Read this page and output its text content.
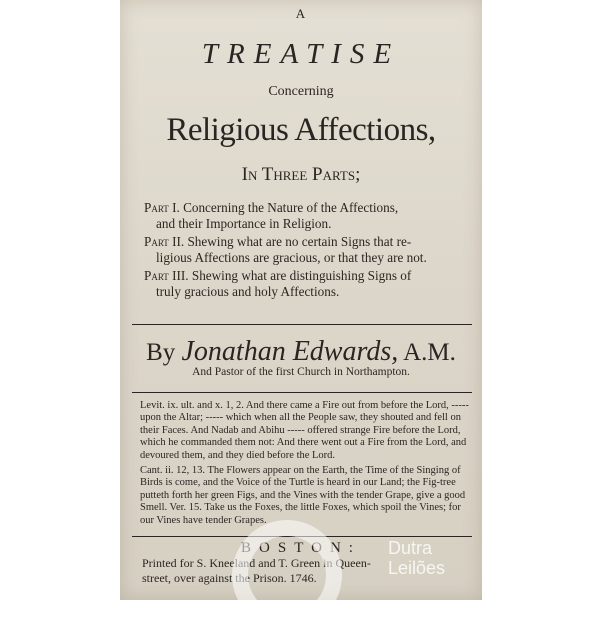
A
TREATISE
Concerning
Religious Affections,
In Three Parts;

Part I. Concerning the Nature of the Affections,
and their Importance in Religion.

Part II. Shewing what are no certain Signs that re-
ligious Affections are gracious, or that they are not.

Part III. Shewing what are distinguishing Signs of
truly gracious and holy Affections.

By Jonathan Edwards, A.M.
And Pastor of the first Church in Northampton.

Levit. ix. ult. and x. 1, 2. And there came a Fire out from before the Lord, ----- upon the Altar; ----- which when all the People saw, they shouted and fell on their Faces. And Nadab and Abihu ----- offered strange Fire before the Lord, which he commanded them not: And there went out a Fire from the Lord, and devoured them, and they died before the Lord.

Cant. ii. 12, 13. The Flowers appear on the Earth, the Time of the Singing of Birds is come, and the Voice of the Turtle is heard in our Land; the Fig-tree putteth forth her green Figs, and the Vines with the tender Grape, give a good Smell. Ver. 15. Take us the Foxes, the little Foxes, which spoil the Vines; for our Vines have tender Grapes.

BOSTON:
Printed for S. Kneeland and T. Green in Queen-
street, over against the Prison. 1746.
Dutra
Leilões
